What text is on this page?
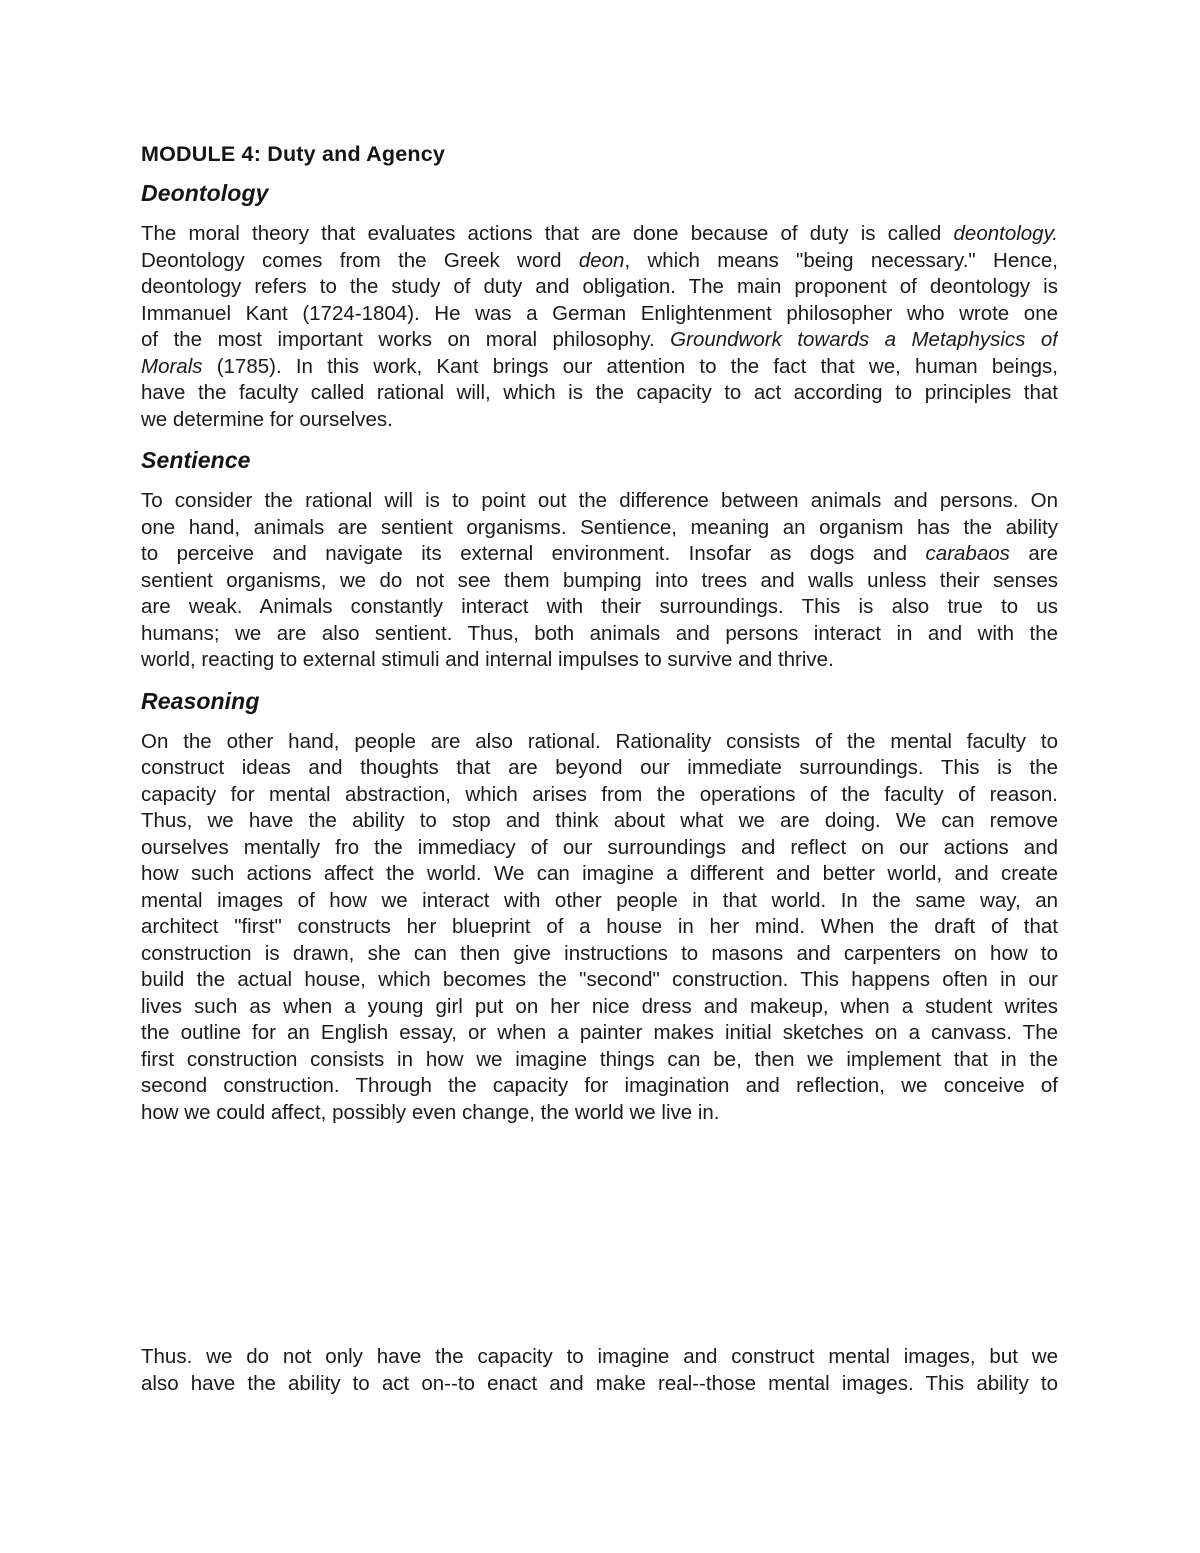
MODULE 4: Duty and Agency
Deontology
The moral theory that evaluates actions that are done because of duty is called deontology.
Deontology comes from the Greek word deon, which means "being necessary." Hence,
deontology refers to the study of duty and obligation. The main proponent of deontology is
Immanuel Kant (1724-1804). He was a German Enlightenment philosopher who wrote one
of the most important works on moral philosophy. Groundwork towards a Metaphysics of
Morals (1785). In this work, Kant brings our attention to the fact that we, human beings,
have the faculty called rational will, which is the capacity to act according to principles that
we determine for ourselves.
Sentience
To consider the rational will is to point out the difference between animals and persons. On
one hand, animals are sentient organisms. Sentience, meaning an organism has the ability
to perceive and navigate its external environment. Insofar as dogs and carabaos are
sentient organisms, we do not see them bumping into trees and walls unless their senses
are weak. Animals constantly interact with their surroundings. This is also true to us
humans; we are also sentient. Thus, both animals and persons interact in and with the
world, reacting to external stimuli and internal impulses to survive and thrive.
Reasoning
On the other hand, people are also rational. Rationality consists of the mental faculty to
construct ideas and thoughts that are beyond our immediate surroundings. This is the
capacity for mental abstraction, which arises from the operations of the faculty of reason.
Thus, we have the ability to stop and think about what we are doing. We can remove
ourselves mentally fro the immediacy of our surroundings and reflect on our actions and
how such actions affect the world. We can imagine a different and better world, and create
mental images of how we interact with other people in that world. In the same way, an
architect "first" constructs her blueprint of a house in her mind. When the draft of that
construction is drawn, she can then give instructions to masons and carpenters on how to
build the actual house, which becomes the "second" construction. This happens often in our
lives such as when a young girl put on her nice dress and makeup, when a student writes
the outline for an English essay, or when a painter makes initial sketches on a canvass. The
first construction consists in how we imagine things can be, then we implement that in the
second construction. Through the capacity for imagination and reflection, we conceive of
how we could affect, possibly even change, the world we live in.
Thus. we do not only have the capacity to imagine and construct mental images, but we
also have the ability to act on--to enact and make real--those mental images. This ability to
